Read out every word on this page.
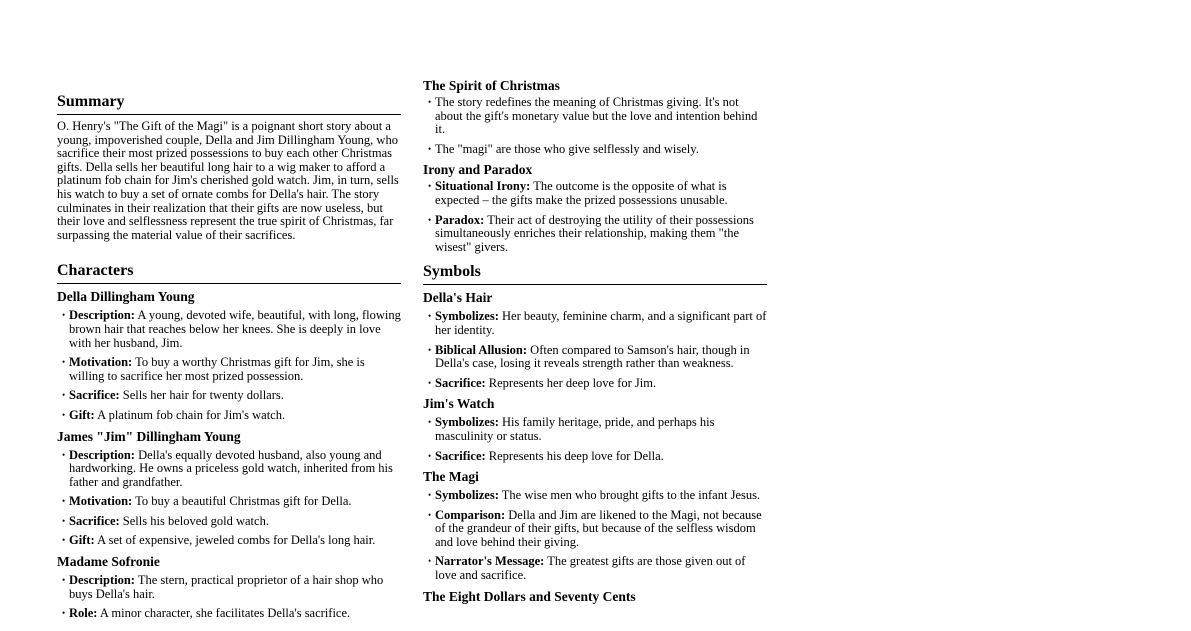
Summary

O. Henry's "The Gift of the Magi" is a poignant short story about a young, impoverished couple, Della and Jim Dillingham Young, who sacrifice their most prized possessions to buy each other Christmas gifts. Della sells her beautiful long hair to a wig maker to afford a platinum fob chain for Jim's cherished gold watch. Jim, in turn, sells his watch to buy a set of ornate combs for Della's hair. The story culminates in their realization that their gifts are now useless, but their love and selflessness represent the true spirit of Christmas, far surpassing the material value of their sacrifices.

Characters
Della Dillingham Young
• Description: A young, devoted wife, beautiful, with long, flowing brown hair that reaches below her knees. She is deeply in love with her husband, Jim.
• Motivation: To buy a worthy Christmas gift for Jim, she is willing to sacrifice her most prized possession.
• Sacrifice: Sells her hair for twenty dollars.
• Gift: A platinum fob chain for Jim's watch.
James "Jim" Dillingham Young
• Description: Della's equally devoted husband, also young and hardworking. He owns a priceless gold watch, inherited from his father and grandfather.
• Motivation: To buy a beautiful Christmas gift for Della.
• Sacrifice: Sells his beloved gold watch.
• Gift: A set of expensive, jeweled combs for Della's long hair.
Madame Sofronie
• Description: The stern, practical proprietor of a hair shop who buys Della's hair.
• Role: A minor character, she facilitates Della's sacrifice.
The Spirit of Christmas
• The story redefines the meaning of Christmas giving. It's not about the gift's monetary value but the love and intention behind it.
• The "magi" are those who give selflessly and wisely.
Irony and Paradox
• Situational Irony: The outcome is the opposite of what is expected – the gifts make the prized possessions unusable.
• Paradox: Their act of destroying the utility of their possessions simultaneously enriches their relationship, making them "the wisest" givers.
Symbols
Della's Hair
• Symbolizes: Her beauty, feminine charm, and a significant part of her identity.
• Biblical Allusion: Often compared to Samson's hair, though in Della's case, losing it reveals strength rather than weakness.
• Sacrifice: Represents her deep love for Jim.
Jim's Watch
• Symbolizes: His family heritage, pride, and perhaps his masculinity or status.
• Sacrifice: Represents his deep love for Della.
The Magi
• Symbolizes: The wise men who brought gifts to the infant Jesus.
• Comparison: Della and Jim are likened to the Magi, not because of the grandeur of their gifts, but because of the selfless wisdom and love behind their giving.
• Narrator's Message: The greatest gifts are those given out of love and sacrifice.
The Eight Dollars and Seventy Cents
